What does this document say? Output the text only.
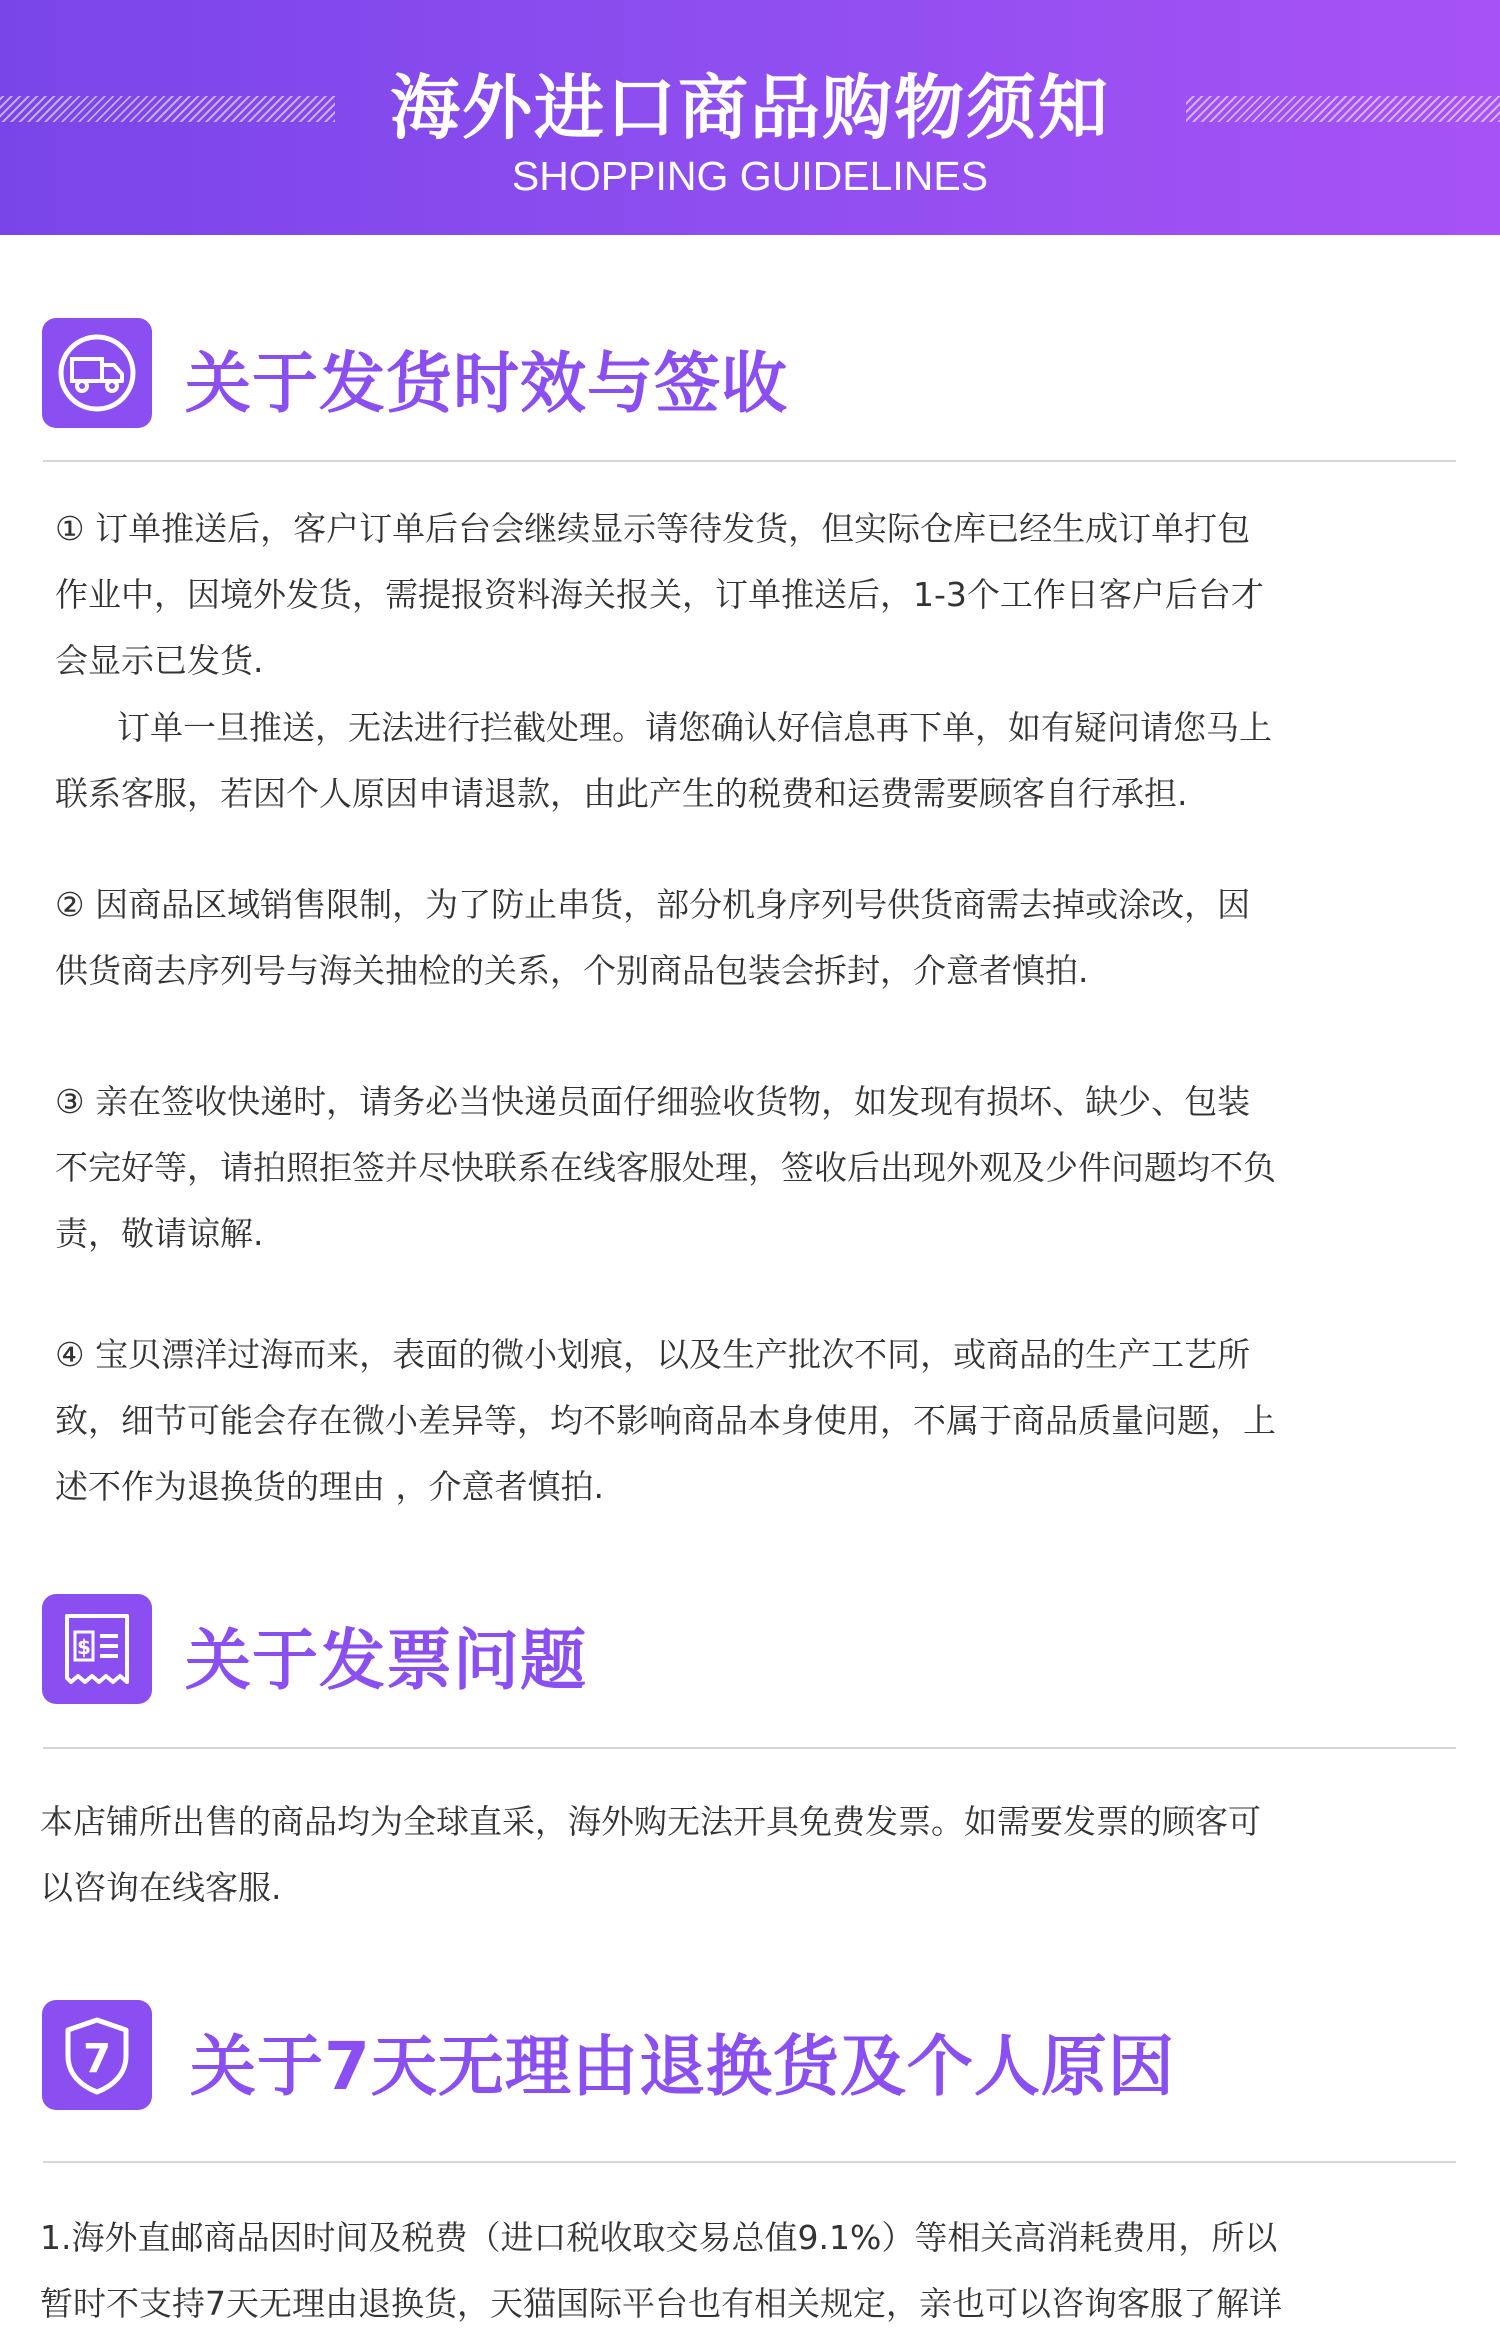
海外进口商品购物须知
SHOPPING GUIDELINES
关于发货时效与签收
① 订单推送后，客户订单后台会继续显示等待发货，但实际仓库已经生成订单打包
作业中，因境外发货，需提报资料海关报关，订单推送后，1-3个工作日客户后台才
会显示已发货.
订单一旦推送，无法进行拦截处理。请您确认好信息再下单，如有疑问请您马上
联系客服，若因个人原因申请退款，由此产生的税费和运费需要顾客自行承担.
② 因商品区域销售限制，为了防止串货，部分机身序列号供货商需去掉或涂改，因
供货商去序列号与海关抽检的关系，个别商品包装会拆封，介意者慎拍.
③ 亲在签收快递时，请务必当快递员面仔细验收货物，如发现有损坏、缺少、包装
不完好等，请拍照拒签并尽快联系在线客服处理，签收后出现外观及少件问题均不负
责，敬请谅解.
④ 宝贝漂洋过海而来，表面的微小划痕，以及生产批次不同，或商品的生产工艺所
致，细节可能会存在微小差异等，均不影响商品本身使用，不属于商品质量问题，上
述不作为退换货的理由 ，介意者慎拍.
$ 关于发票问题
本店铺所出售的商品均为全球直采，海外购无法开具免费发票。如需要发票的顾客可
以咨询在线客服.
7 关于7天无理由退换货及个人原因
1.海外直邮商品因时间及税费（进口税收取交易总值9.1%）等相关高消耗费用，所以
暂时不支持7天无理由退换货，天猫国际平台也有相关规定，亲也可以咨询客服了解详
